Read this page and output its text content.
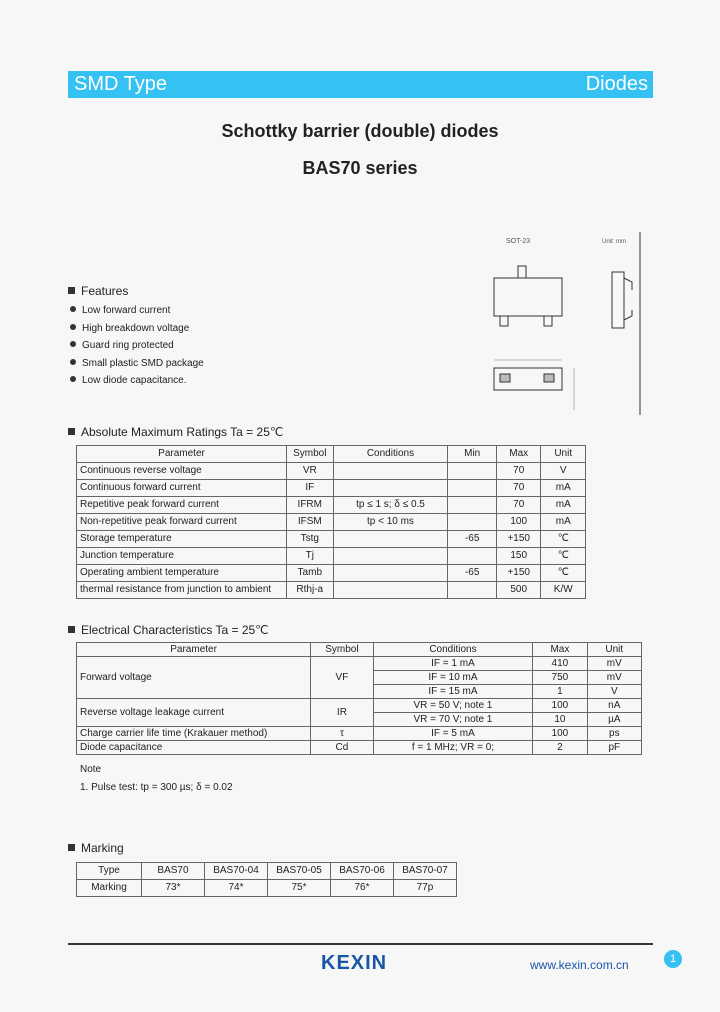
SMD Type	Diodes
Schottky barrier (double) diodes
BAS70 series
SOT-23	Unit: mm
Features
Low forward current
High breakdown voltage
Guard ring protected
Small plastic SMD package
Low diode capacitance.
Absolute Maximum Ratings Ta = 25℃
Parameter	Symbol	Conditions	Min	Max	Unit
Continuous reverse voltage	VR			70	V
Continuous forward current	IF			70	mA
Repetitive peak forward current	IFRM	tp ≤ 1 s; δ ≤ 0.5		70	mA
Non-repetitive peak forward current	IFSM	tp < 10 ms		100	mA
Storage temperature	Tstg		-65	+150	℃
Junction temperature	Tj			150	℃
Operating ambient temperature	Tamb		-65	+150	℃
thermal resistance from junction to ambient	Rthj-a			500	K/W
Electrical Characteristics Ta = 25℃
Parameter	Symbol	Conditions	Max	Unit
Forward voltage	VF	IF = 1 mA	410	mV
		IF = 10 mA	750	mV
		IF = 15 mA	1	V
Reverse voltage leakage current	IR	VR = 50 V; note 1	100	nA
		VR = 70 V; note 1	10	µA
Charge carrier life time (Krakauer method)	τ	IF = 5 mA	100	ps
Diode capacitance	Cd	f = 1 MHz; VR = 0;	2	pF
Note
1. Pulse test: tp = 300 µs; δ = 0.02
Marking
Type	BAS70	BAS70-04	BAS70-05	BAS70-06	BAS70-07
Marking	73*	74*	75*	76*	77p
KEXIN	www.kexin.com.cn	1
